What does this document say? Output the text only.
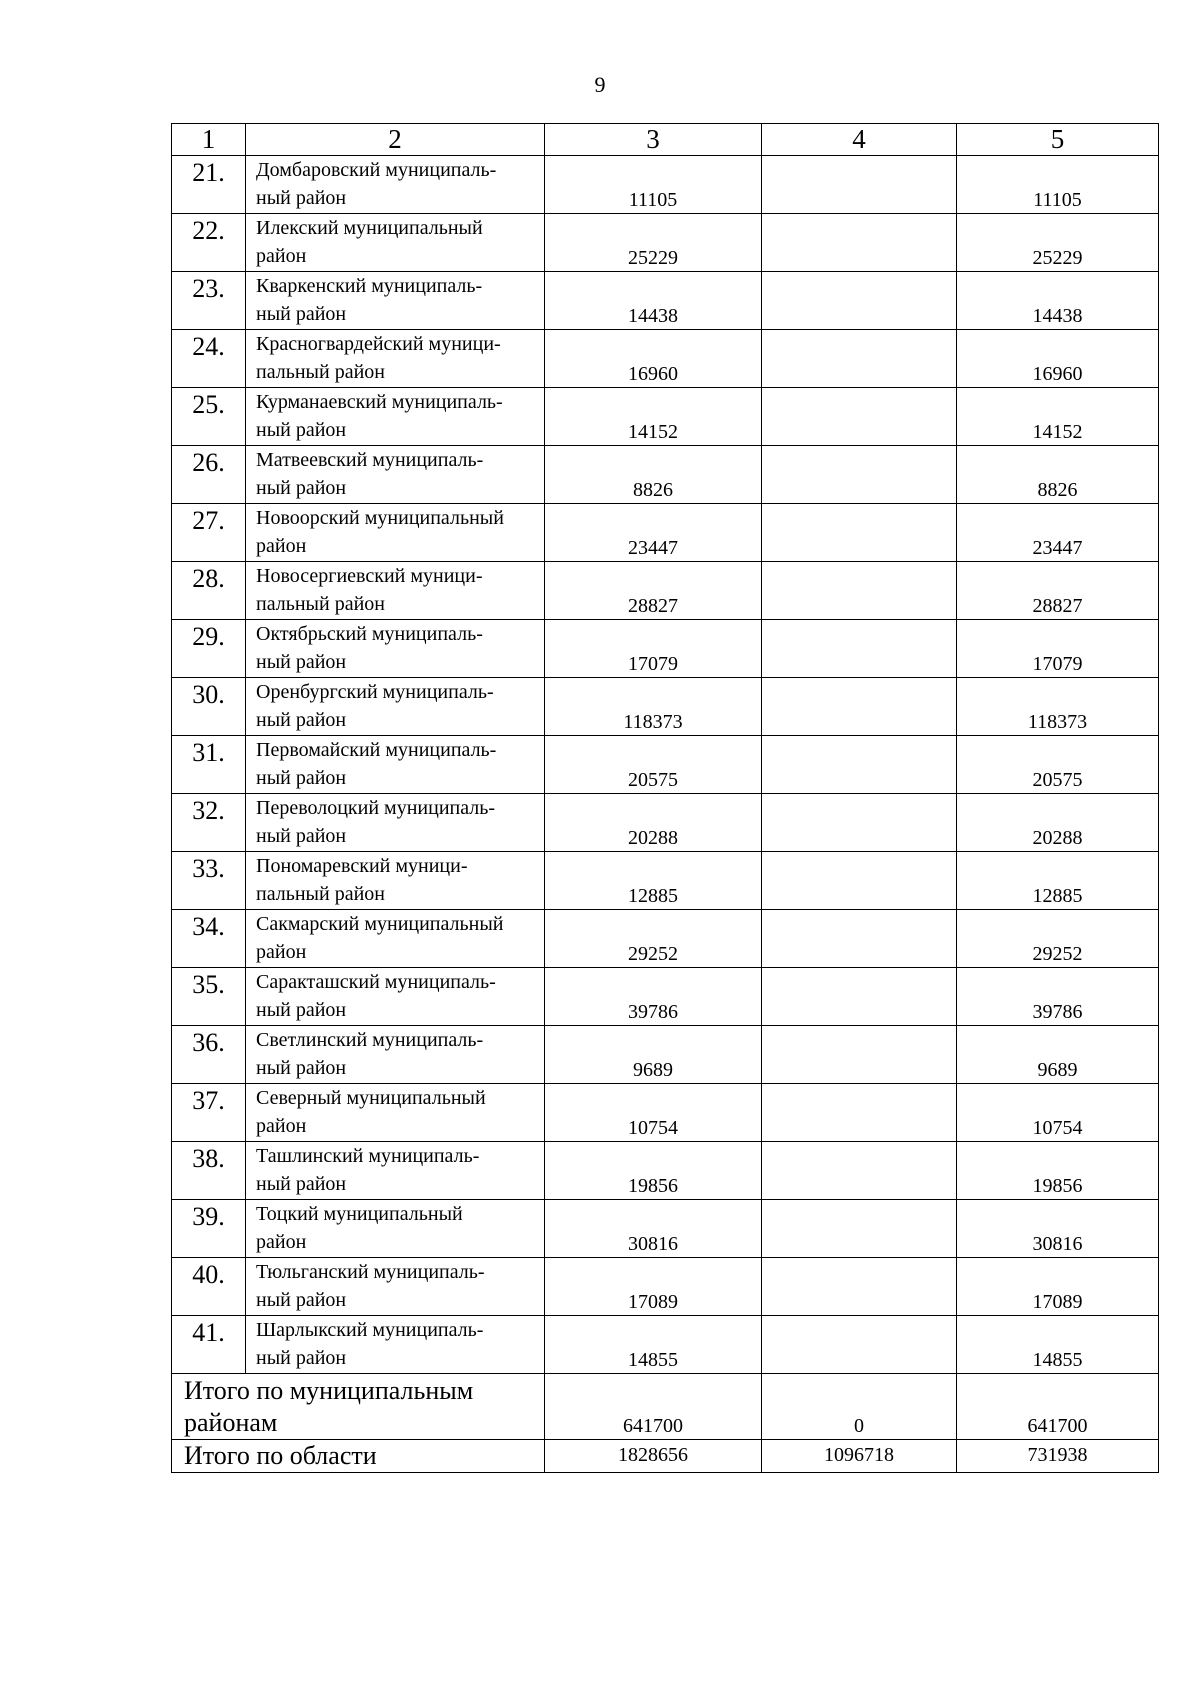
9
1	2	3	4	5
21.	Домбаровский муниципаль-
ный район	11105		11105
22.	Илекский муниципальный
район	25229		25229
23.	Кваркенский муниципаль-
ный район	14438		14438
24.	Красногвардейский муници-
пальный район	16960		16960
25.	Курманаевский муниципаль-
ный район	14152		14152
26.	Матвеевский муниципаль-
ный район	8826		8826
27.	Новоорский муниципальный
район	23447		23447
28.	Новосергиевский муници-
пальный район	28827		28827
29.	Октябрьский муниципаль-
ный район	17079		17079
30.	Оренбургский муниципаль-
ный район	118373		118373
31.	Первомайский муниципаль-
ный район	20575		20575
32.	Переволоцкий муниципаль-
ный район	20288		20288
33.	Пономаревский муници-
пальный район	12885		12885
34.	Сакмарский муниципальный
район	29252		29252
35.	Саракташский муниципаль-
ный район	39786		39786
36.	Светлинский муниципаль-
ный район	9689		9689
37.	Северный муниципальный
район	10754		10754
38.	Ташлинский муниципаль-
ный район	19856		19856
39.	Тоцкий муниципальный
район	30816		30816
40.	Тюльганский муниципаль-
ный район	17089		17089
41.	Шарлыкский муниципаль-
ный район	14855		14855

Итого по муниципальным
районам		641700	0	641700
Итого по области		1828656	1096718	731938
